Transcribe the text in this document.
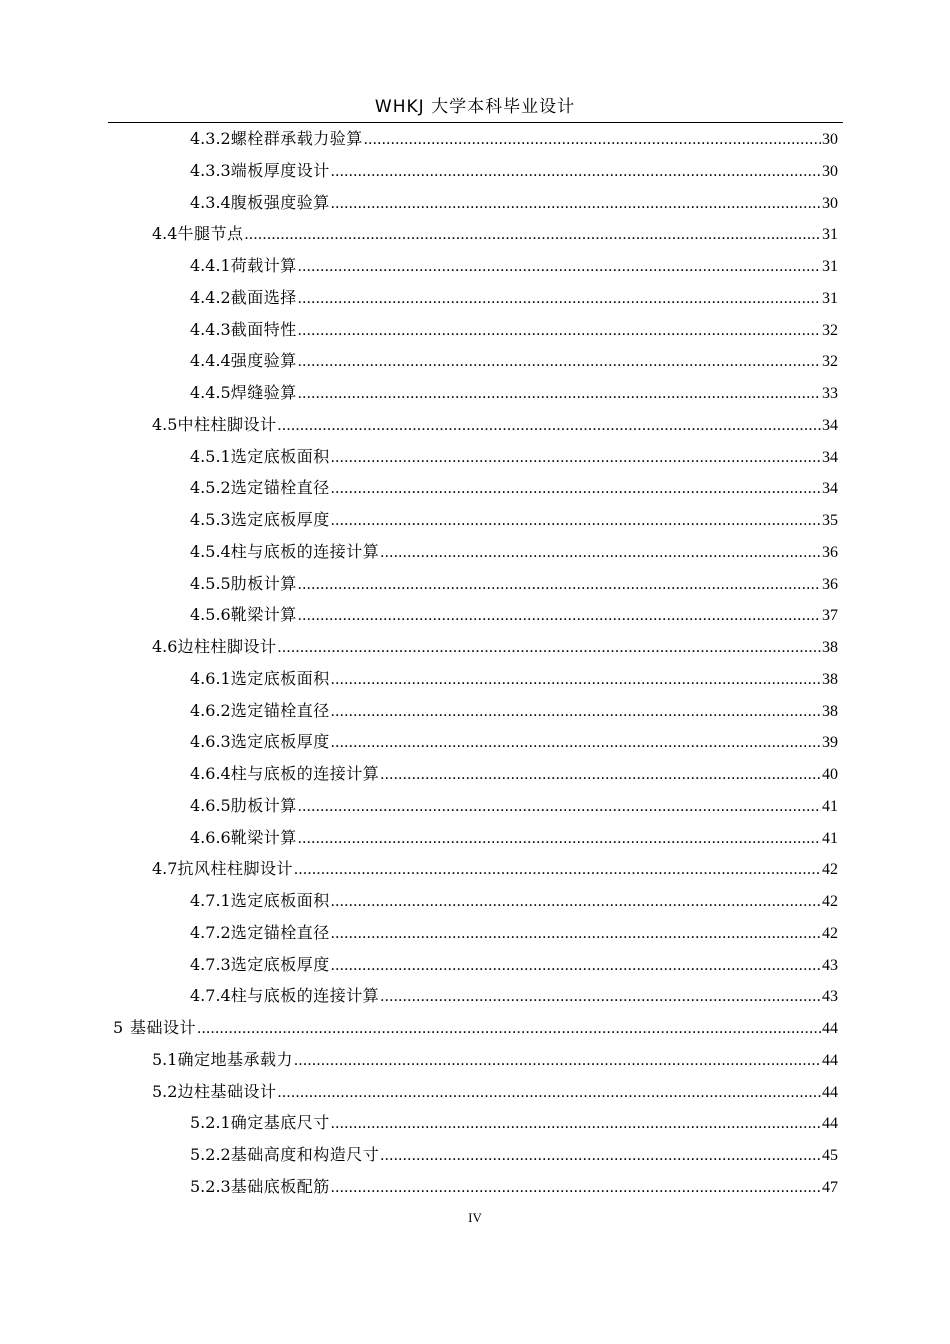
WHKJ 大学本科毕业设计
4.3.2 螺栓群承载力验算 .....	30
4.3.3 端板厚度设计 .....	30
4.3.4 腹板强度验算 .....	30
4.4 牛腿节点 .....	31
4.4.1 荷载计算 .....	31
4.4.2 截面选择 .....	31
4.4.3 截面特性 .....	32
4.4.4 强度验算 .....	32
4.4.5 焊缝验算 .....	33
4.5 中柱柱脚设计 .....	34
4.5.1 选定底板面积 .....	34
4.5.2 选定锚栓直径 .....	34
4.5.3 选定底板厚度 .....	35
4.5.4 柱与底板的连接计算 .....	36
4.5.5 肋板计算 .....	36
4.5.6 靴梁计算 .....	37
4.6 边柱柱脚设计 .....	38
4.6.1 选定底板面积 .....	38
4.6.2 选定锚栓直径 .....	38
4.6.3 选定底板厚度 .....	39
4.6.4 柱与底板的连接计算 .....	40
4.6.5 肋板计算 .....	41
4.6.6 靴梁计算 .....	41
4.7 抗风柱柱脚设计 .....	42
4.7.1 选定底板面积 .....	42
4.7.2 选定锚栓直径 .....	42
4.7.3 选定底板厚度 .....	43
4.7.4 柱与底板的连接计算 .....	43
5 基础设计 .....	44
5.1 确定地基承载力 .....	44
5.2 边柱基础设计 .....	44
5.2.1 确定基底尺寸 .....	44
5.2.2 基础高度和构造尺寸 .....	45
5.2.3 基础底板配筋 .....	47
IV
